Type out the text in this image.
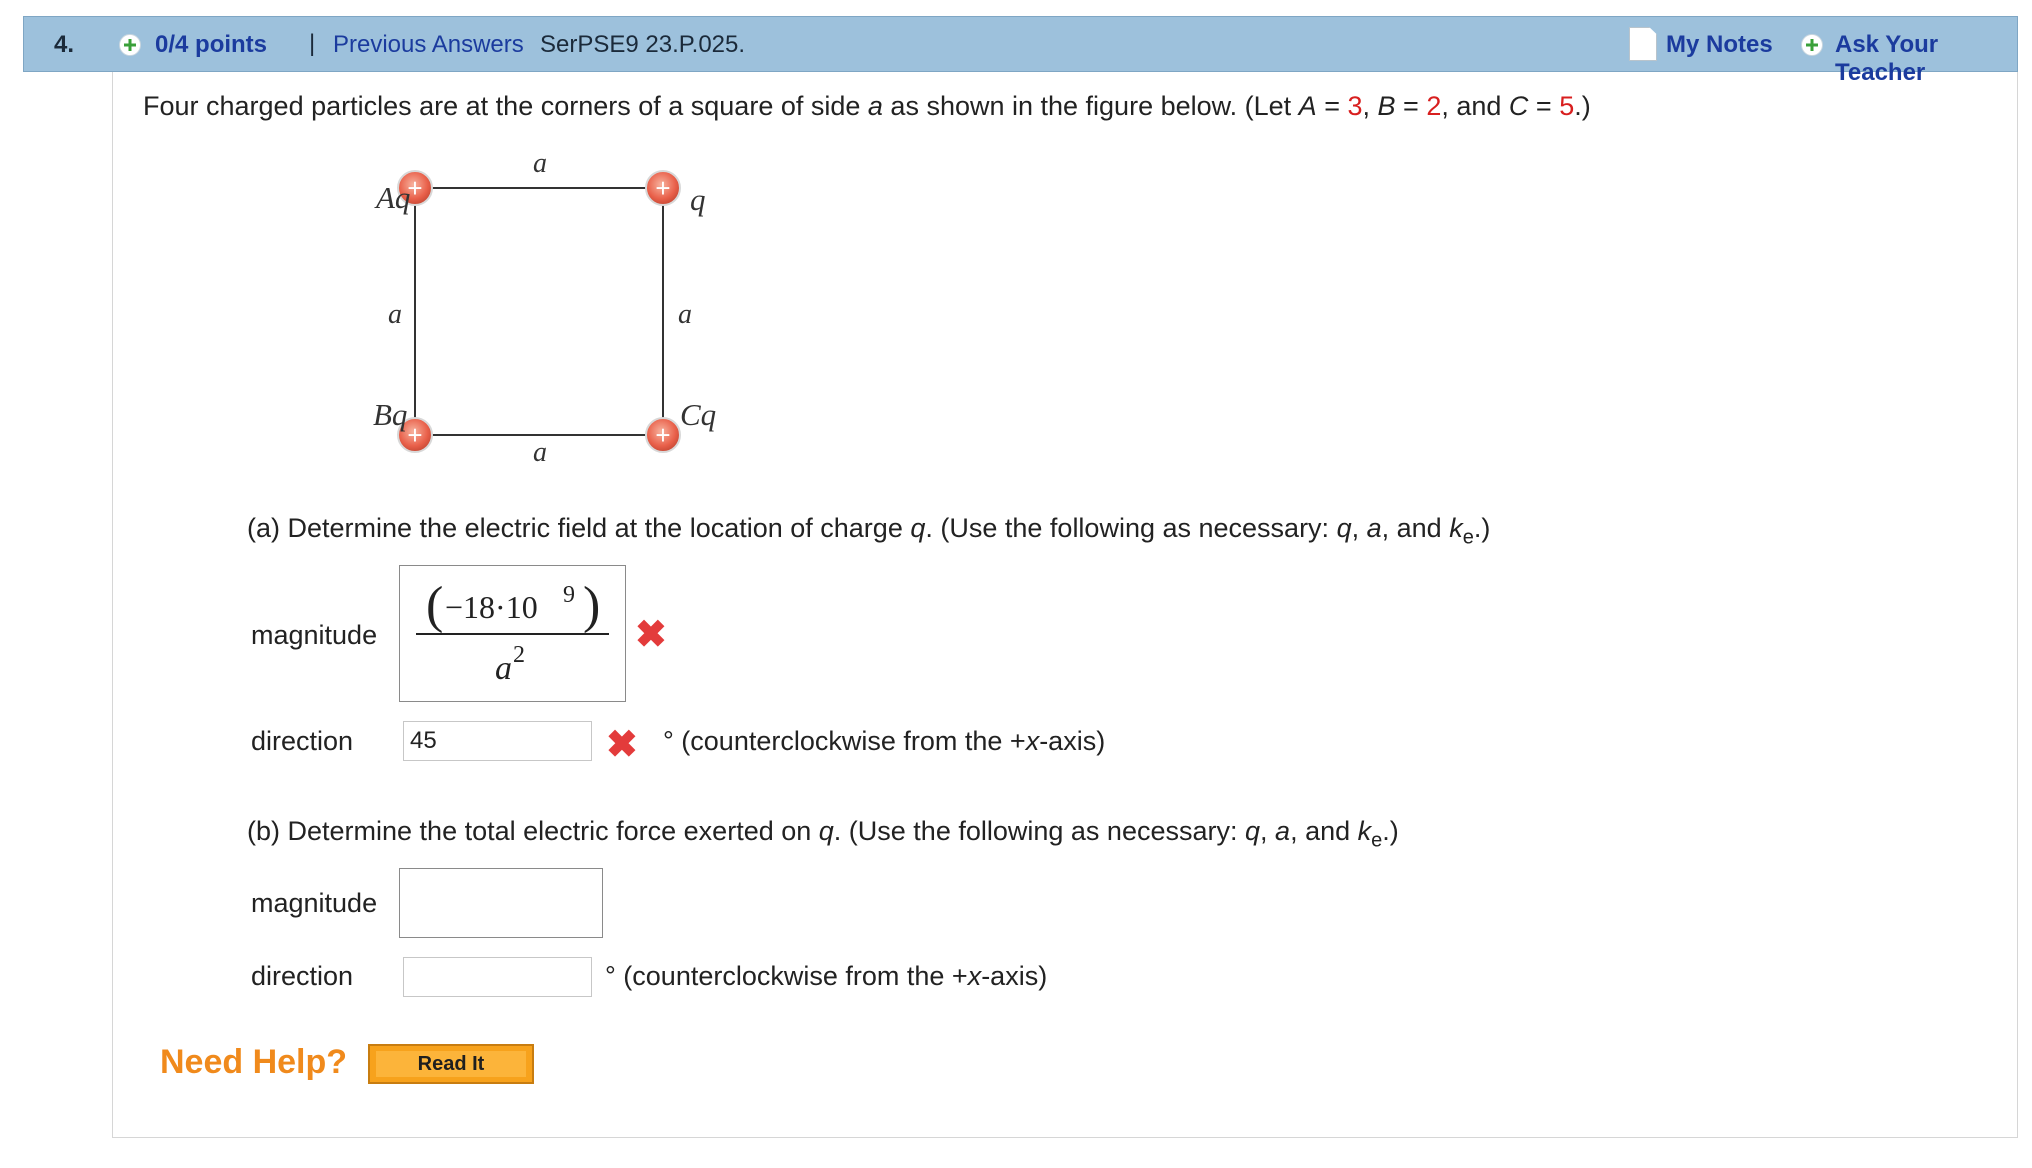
4.	0/4 points | Previous Answers SerPSE9 23.P.025.	My Notes	Ask Your Teacher
Four charged particles are at the corners of a square of side a as shown in the figure below. (Let A = 3, B = 2, and C = 5.)
+	+
+	+
a
a	a
a
Aq	q
Bq	Cq
(a) Determine the electric field at the location of charge q. (Use the following as necessary: q, a, and $k_e$.)
magnitude
( −18·10 9 )
a 2	✖
direction
45	✖ ° (counterclockwise from the +x-axis)
(b) Determine the total electric force exerted on q. (Use the following as necessary: q, a, and $k_e$.)
magnitude
direction	° (counterclockwise from the +x-axis)
Need Help?	Read It
